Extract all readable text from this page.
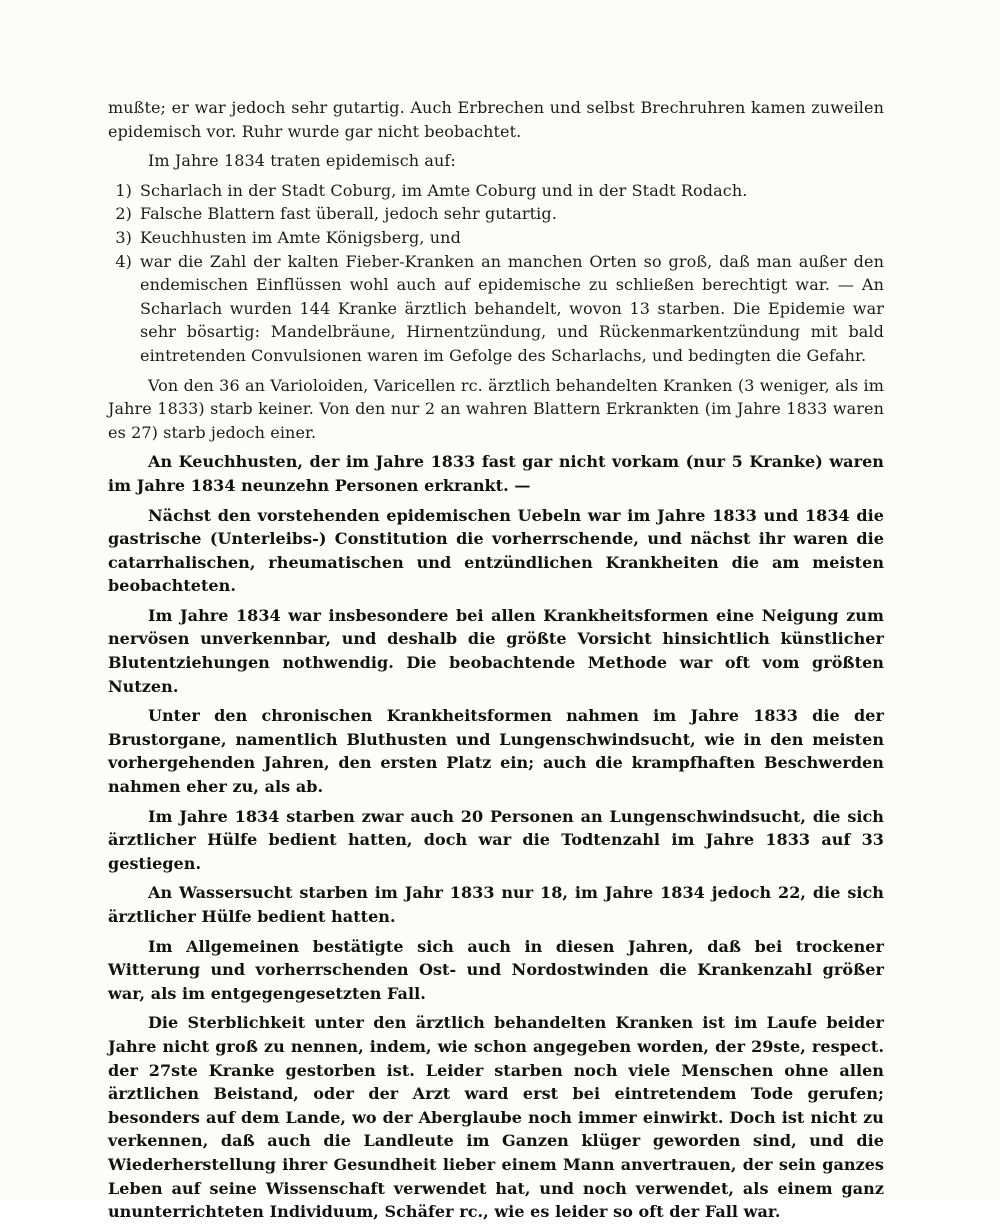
mußte; er war jedoch sehr gutartig. Auch Erbrechen und selbst Brechruhren kamen zuweilen epidemisch vor. Ruhr wurde gar nicht beobachtet.

Im Jahre 1834 traten epidemisch auf:

1) Scharlach in der Stadt Coburg, im Amte Coburg und in der Stadt Rodach.
2) Falsche Blattern fast überall, jedoch sehr gutartig.
3) Keuchhusten im Amte Königsberg, und
4) war die Zahl der kalten Fieber-Kranken an manchen Orten so groß, daß man außer den endemischen Einflüssen wohl auch auf epidemische zu schließen berechtigt war. — An Scharlach wurden 144 Kranke ärztlich behandelt, wovon 13 starben. Die Epidemie war sehr bösartig: Mandelbräune, Hirnentzündung, und Rückenmarkentzündung mit bald eintretenden Convulsionen waren im Gefolge des Scharlachs, und bedingten die Gefahr.

Von den 36 an Varioloiden, Varicellen rc. ärztlich behandelten Kranken (3 weniger, als im Jahre 1833) starb keiner. Von den nur 2 an wahren Blattern Erkrankten (im Jahre 1833 waren es 27) starb jedoch einer.

An Keuchhusten, der im Jahre 1833 fast gar nicht vorkam (nur 5 Kranke) waren im Jahre 1834 neunzehn Personen erkrankt. —

Nächst den vorstehenden epidemischen Uebeln war im Jahre 1833 und 1834 die gastrische (Unterleibs-) Constitution die vorherrschende, und nächst ihr waren die catarrhalischen, rheumatischen und entzündlichen Krankheiten die am meisten beobachteten.

Im Jahre 1834 war insbesondere bei allen Krankheitsformen eine Neigung zum nervösen unverkennbar, und deshalb die größte Vorsicht hinsichtlich künstlicher Blutentziehungen nothwendig. Die beobachtende Methode war oft vom größten Nutzen.

Unter den chronischen Krankheitsformen nahmen im Jahre 1833 die der Brustorgane, namentlich Bluthusten und Lungenschwindsucht, wie in den meisten vorhergehenden Jahren, den ersten Platz ein; auch die krampfhaften Beschwerden nahmen eher zu, als ab.

Im Jahre 1834 starben zwar auch 20 Personen an Lungenschwindsucht, die sich ärztlicher Hülfe bedient hatten, doch war die Todtenzahl im Jahre 1833 auf 33 gestiegen.

An Wassersucht starben im Jahr 1833 nur 18, im Jahre 1834 jedoch 22, die sich ärztlicher Hülfe bedient hatten.

Im Allgemeinen bestätigte sich auch in diesen Jahren, daß bei trockener Witterung und vorherrschenden Ost- und Nordostwinden die Krankenzahl größer war, als im entgegengesetzten Fall.

Die Sterblichkeit unter den ärztlich behandelten Kranken ist im Laufe beider Jahre nicht groß zu nennen, indem, wie schon angegeben worden, der 29ste, respect. der 27ste Kranke gestorben ist. Leider starben noch viele Menschen ohne allen ärztlichen Beistand, oder der Arzt ward erst bei eintretendem Tode gerufen; besonders auf dem Lande, wo der Aberglaube noch immer einwirkt. Doch ist nicht zu verkennen, daß auch die Landleute im Ganzen klüger geworden sind, und die Wiederherstellung ihrer Gesundheit lieber einem Mann anvertrauen, der sein ganzes Leben auf seine Wissenschaft verwendet hat, und noch verwendet, als einem ganz ununterrichteten Individuum, Schäfer rc., wie es leider so oft der Fall war.
